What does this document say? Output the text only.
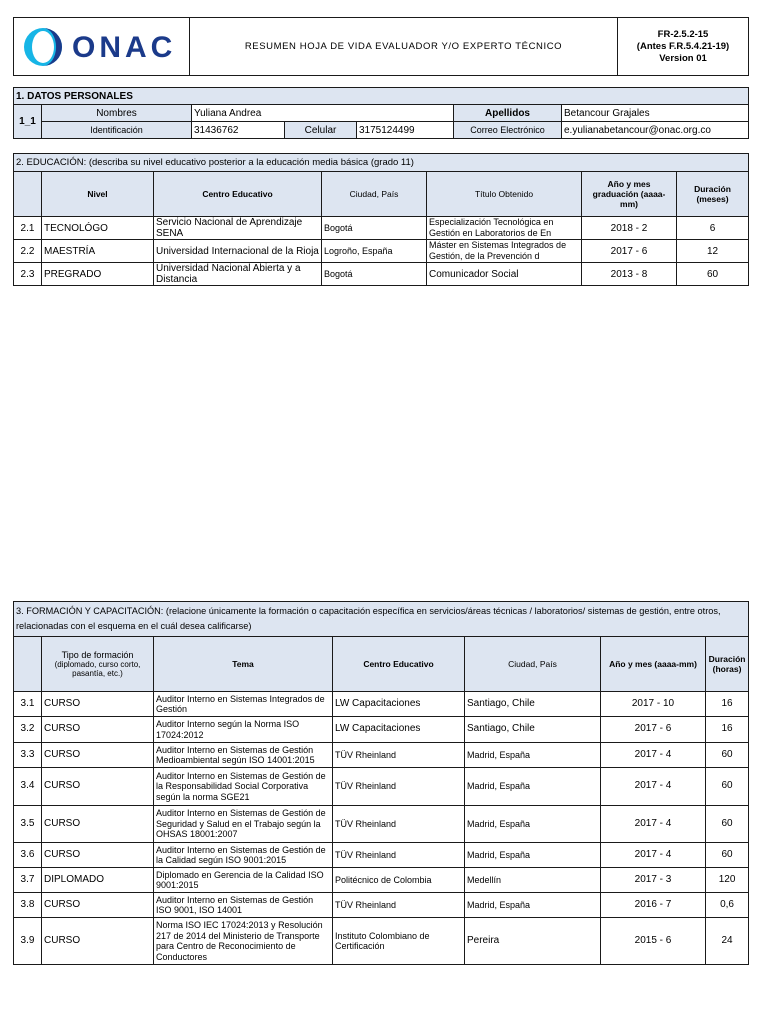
ONAC	RESUMEN HOJA DE VIDA EVALUADOR Y/O EXPERTO TÉCNICO	
FR-2.5.2-15
(Antes F.R.5.4.21-19)
Version 01
1. DATOS PERSONALES						
1_1	Nombres	Yuliana Andrea			Apellidos	Betancour Grajales
	Identificación	31436762	Celular	3175124499	Correo Electrónico	e.yulianabetancour@onac.org.co
2. EDUCACIÓN: (describa su nivel educativo posterior a la educación media básica (grado 11)						
	Nivel	Centro Educativo	Ciudad, País	Título Obtenido	Año y mes graduación (aaaa-mm)	Duración (meses)
2.1	TECNOLÓGO	Servicio Nacional de Aprendizaje SENA	Bogotá	Especialización Tecnológica en Gestión en Laboratorios de En	2018 - 2	6
2.2	MAESTRÍA	Universidad Internacional de la Rioja	Logroño, España	Máster en Sistemas Integrados de Gestión, de la Prevención d	2017 - 6	12
2.3	PREGRADO	Universidad Nacional Abierta y a Distancia	Bogotá	Comunicador Social	2013 - 8	60
3. FORMACIÓN Y CAPACITACIÓN: (relacione únicamente la formación o capacitación específica en servicios/áreas técnicas / laboratorios/ sistemas de gestión, entre otros, relacionadas con el esquema en el cuál desea calificarse)						

	Tipo de formación
(diplomado, curso corto, pasantía, etc.)	Tema	Centro Educativo	Ciudad, País	Año y mes (aaaa-mm)	Duración (horas)
3.1	CURSO	Auditor Interno en Sistemas Integrados de Gestión	LW Capacitaciones	Santiago, Chile	2017 - 10	16
3.2	CURSO	Auditor Interno según la Norma ISO 17024:2012	LW Capacitaciones	Santiago, Chile	2017 - 6	16
3.3	CURSO	Auditor Interno en Sistemas de Gestión Medioambiental según ISO 14001:2015	TÜV Rheinland	Madrid, España	2017 - 4	60
3.4	CURSO	Auditor Interno en Sistemas de Gestión de la Responsabilidad Social Corporativa según la norma SGE21	TÜV Rheinland	Madrid, España	2017 - 4	60
3.5	CURSO	Auditor Interno en Sistemas de Gestión de Seguridad y Salud en el Trabajo según la OHSAS 18001:2007	TÜV Rheinland	Madrid, España	2017 - 4	60
3.6	CURSO	Auditor Interno en Sistemas de Gestión de la Calidad según ISO 9001:2015	TÜV Rheinland	Madrid, España	2017 - 4	60
3.7	DIPLOMADO	Diplomado en Gerencia de la Calidad ISO 9001:2015	Politécnico de Colombia	Medellín	2017 - 3	120
3.8	CURSO	Auditor Interno en Sistemas de Gestión ISO 9001, ISO 14001	TÜV Rheinland	Madrid, España	2016 - 7	0,6
3.9	CURSO	Norma ISO IEC 17024:2013 y Resolución 217 de 2014 del Ministerio de Transporte para Centro de Reconocimiento de Conductores	Instituto Colombiano de Certificación	Pereira	2015 - 6	24
